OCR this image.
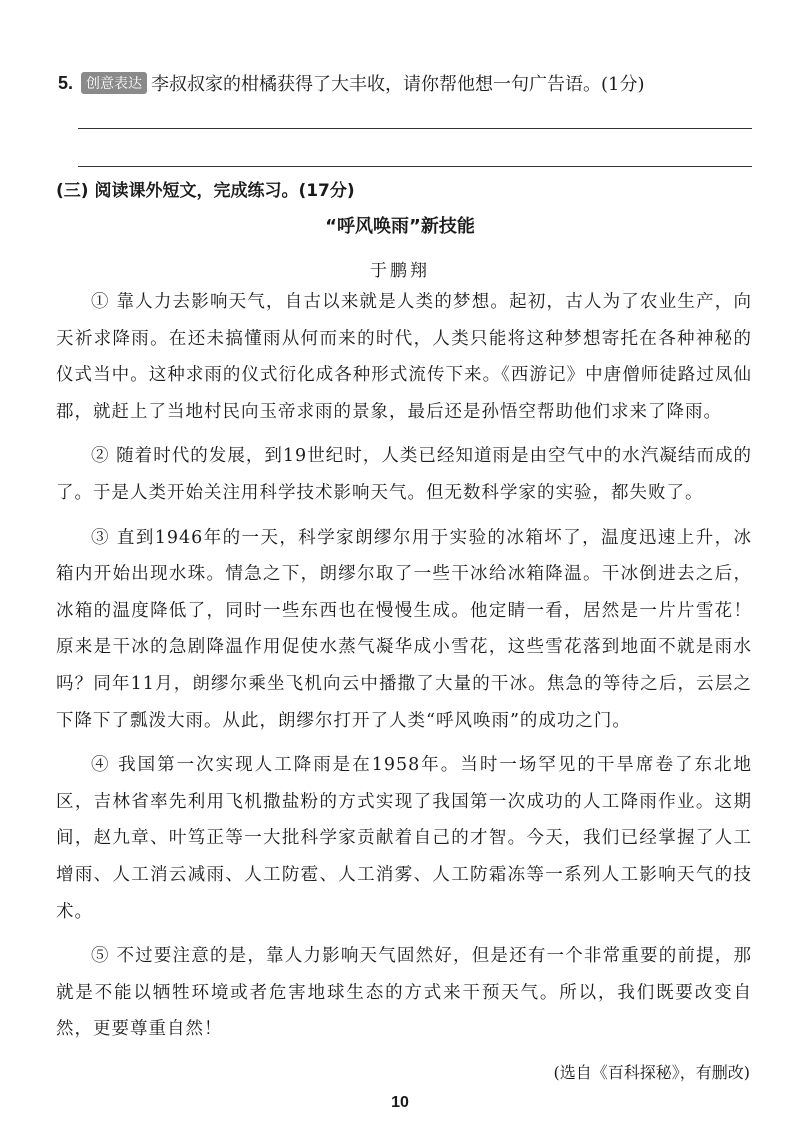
5. 创意表达 李叔叔家的柑橘获得了大丰收，请你帮他想一句广告语。(1分)
(三) 阅读课外短文，完成练习。(17分)
“呼风唤雨”新技能
于鹏翔

① 靠人力去影响天气，自古以来就是人类的梦想。起初，古人为了农业生产，向天祈求降雨。在还未搞懂雨从何而来的时代，人类只能将这种梦想寄托在各种神秘的仪式当中。这种求雨的仪式衍化成各种形式流传下来。《西游记》中唐僧师徒路过凤仙郡，就赶上了当地村民向玉帝求雨的景象，最后还是孙悟空帮助他们求来了降雨。

② 随着时代的发展，到19世纪时，人类已经知道雨是由空气中的水汽凝结而成的了。于是人类开始关注用科学技术影响天气。但无数科学家的实验，都失败了。

③ 直到1946年的一天，科学家朗缪尔用于实验的冰箱坏了，温度迅速上升，冰箱内开始出现水珠。情急之下，朗缪尔取了一些干冰给冰箱降温。干冰倒进去之后，冰箱的温度降低了，同时一些东西也在慢慢生成。他定睛一看，居然是一片片雪花！原来是干冰的急剧降温作用促使水蒸气凝华成小雪花，这些雪花落到地面不就是雨水吗？同年11月，朗缪尔乘坐飞机向云中播撒了大量的干冰。焦急的等待之后，云层之下降下了瓢泼大雨。从此，朗缪尔打开了人类“呼风唤雨”的成功之门。

④ 我国第一次实现人工降雨是在1958年。当时一场罕见的干旱席卷了东北地区，吉林省率先利用飞机撒盐粉的方式实现了我国第一次成功的人工降雨作业。这期间，赵九章、叶笃正等一大批科学家贡献着自己的才智。今天，我们已经掌握了人工增雨、人工消云减雨、人工防雹、人工消雾、人工防霜冻等一系列人工影响天气的技术。

⑤ 不过要注意的是，靠人力影响天气固然好，但是还有一个非常重要的前提，那就是不能以牺牲环境或者危害地球生态的方式来干预天气。所以，我们既要改变自然，更要尊重自然！

(选自《百科探秘》，有删改)
10
